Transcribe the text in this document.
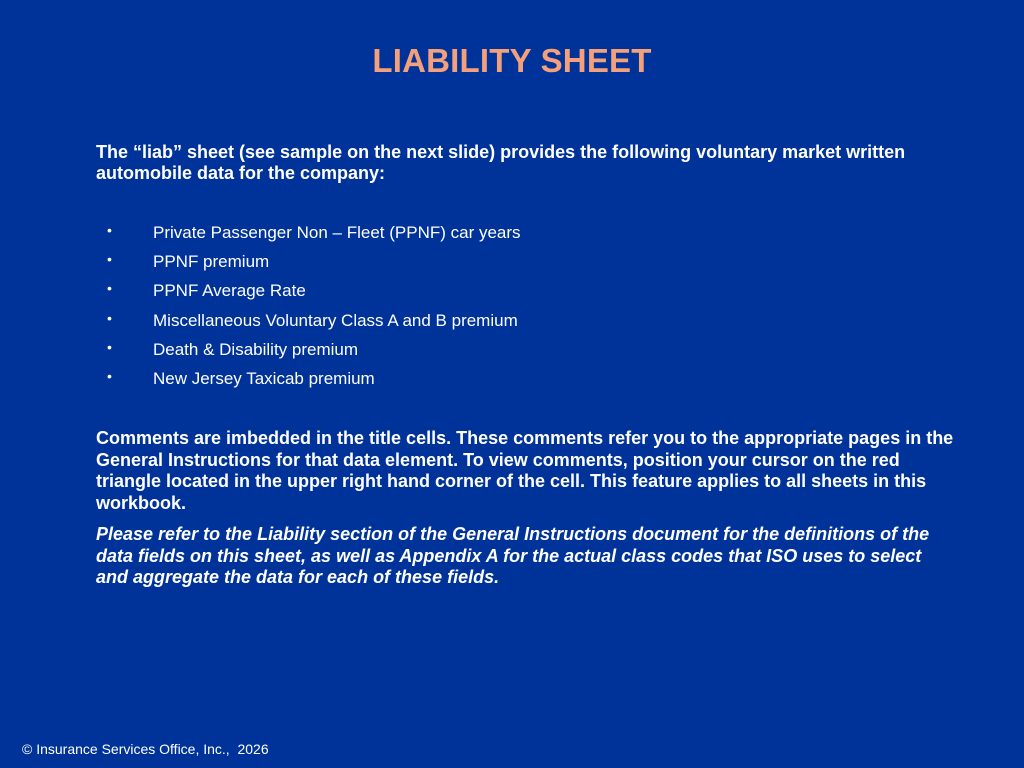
LIABILITY SHEET
The “liab” sheet (see sample on the next slide) provides the following voluntary market written automobile data for the company:
•	Private Passenger Non – Fleet (PPNF) car years
•	PPNF premium
•	PPNF Average Rate
•	Miscellaneous Voluntary Class A and B premium
•	Death & Disability premium
•	New Jersey Taxicab premium
Comments are imbedded in the title cells. These comments refer you to the appropriate pages in the General Instructions for that data element. To view comments, position your cursor on the red triangle located in the upper right hand corner of the cell. This feature applies to all sheets in this workbook.
Please refer to the Liability section of the General Instructions document for the definitions of the data fields on this sheet, as well as Appendix A for the actual class codes that ISO uses to select and aggregate the data for each of these fields.
© Insurance Services Office, Inc.,  2026
